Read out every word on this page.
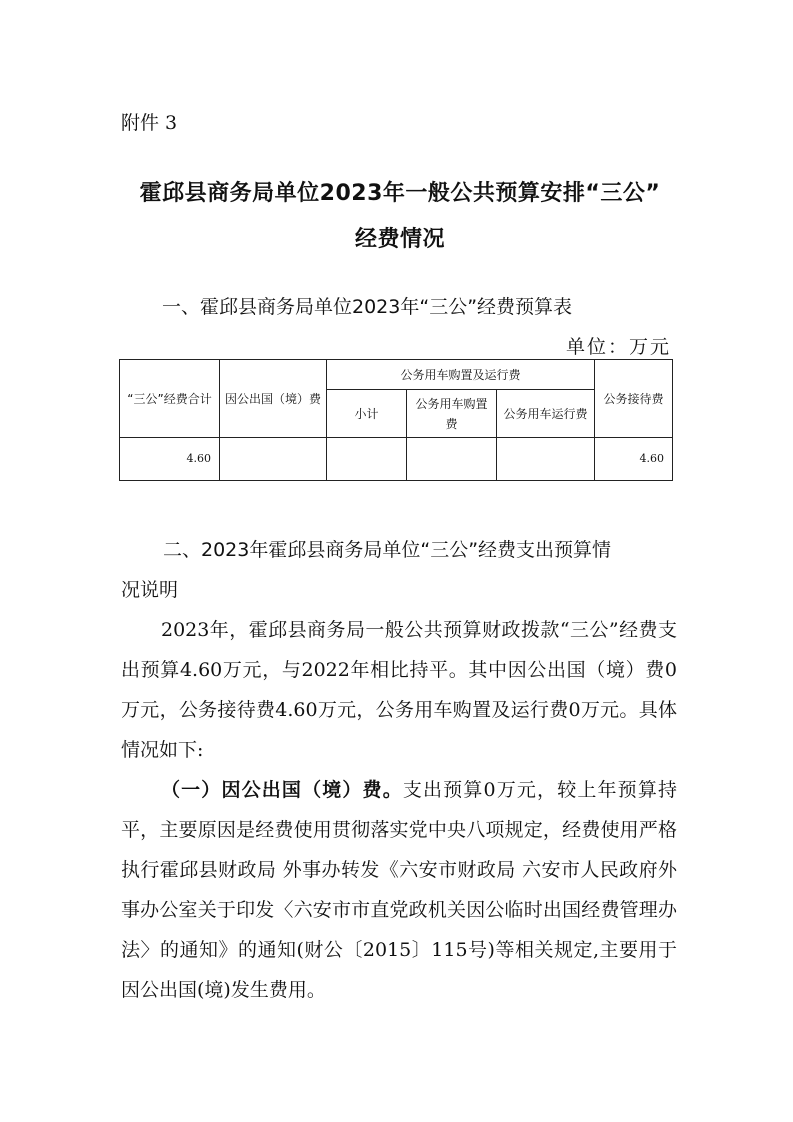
附件 3
霍邱县商务局单位2023年一般公共预算安排“三公”
经费情况
一、霍邱县商务局单位2023年“三公”经费预算表
单位：万元
“三公”经费合计	因公出国（境）费	公务用车购置及运行费			公务接待费
		小计	公务用车购置费	公务用车运行费	
4.60					4.60
二、2023年霍邱县商务局单位“三公”经费支出预算情
况说明

2023年，霍邱县商务局一般公共预算财政拨款“三公”经费支出预算4.60万元，与2022年相比持平。其中因公出国（境）费0万元，公务接待费4.60万元，公务用车购置及运行费0万元。具体情况如下:

（一）因公出国（境）费。支出预算0万元，较上年预算持平，主要原因是经费使用贯彻落实党中央八项规定，经费使用严格执行霍邱县财政局 外事办转发《六安市财政局 六安市人民政府外事办公室关于印发〈六安市市直党政机关因公临时出国经费管理办法〉的通知》的通知(财公〔2015〕115号)等相关规定,主要用于因公出国(境)发生费用。
